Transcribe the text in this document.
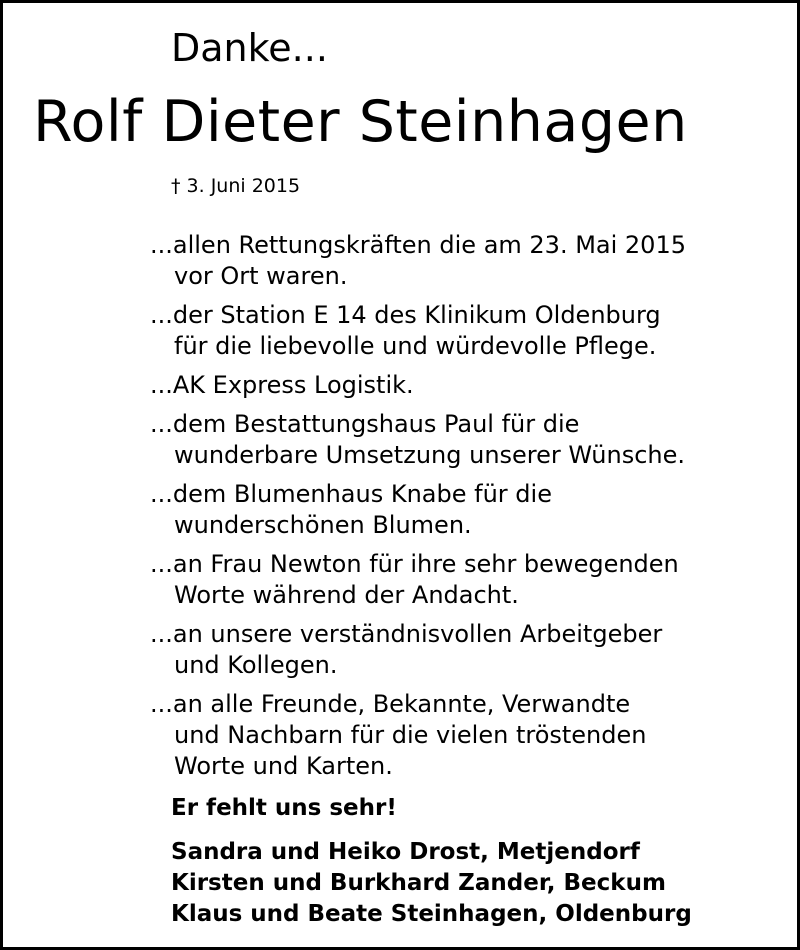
Danke...
Rolf Dieter Steinhagen
† 3. Juni 2015
...allen Rettungskräften die am 23. Mai 2015
vor Ort waren.
...der Station E 14 des Klinikum Oldenburg
für die liebevolle und würdevolle Pflege.
...AK Express Logistik.
...dem Bestattungshaus Paul für die
wunderbare Umsetzung unserer Wünsche.
...dem Blumenhaus Knabe für die
wunderschönen Blumen.
...an Frau Newton für ihre sehr bewegenden
Worte während der Andacht.
...an unsere verständnisvollen Arbeitgeber
und Kollegen.
...an alle Freunde, Bekannte, Verwandte
und Nachbarn für die vielen tröstenden
Worte und Karten.
Er fehlt uns sehr!
Sandra und Heiko Drost, Metjendorf
Kirsten und Burkhard Zander, Beckum
Klaus und Beate Steinhagen, Oldenburg
